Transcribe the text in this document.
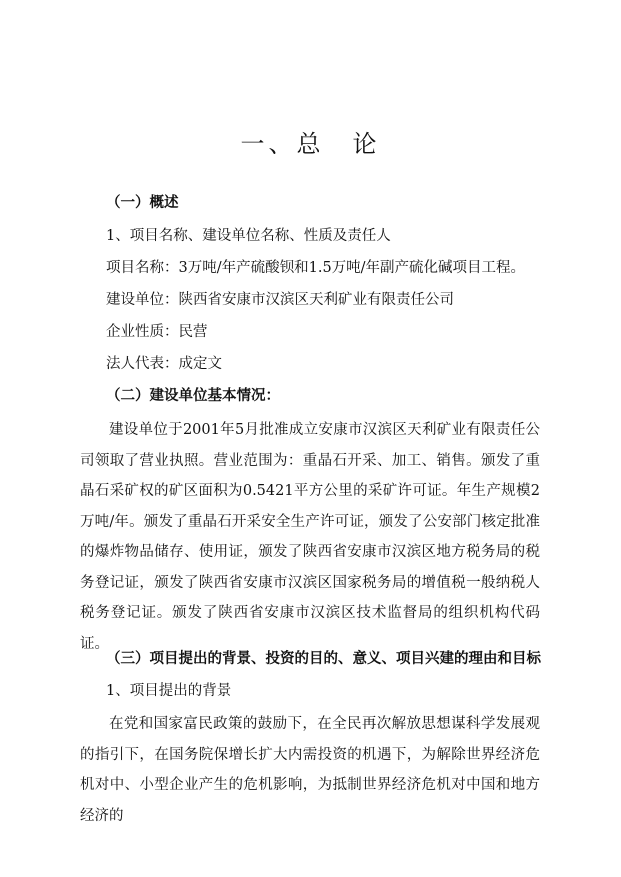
一、总　论
（一）概述
1、项目名称、建设单位名称、性质及责任人
项目名称：3万吨/年产硫酸钡和1.5万吨/年副产硫化碱项目工程。
建设单位：陕西省安康市汉滨区天利矿业有限责任公司
企业性质：民营
法人代表：成定文
（二）建设单位基本情况：
建设单位于2001年5月批准成立安康市汉滨区天利矿业有限责任公司领取了营业执照。营业范围为：重晶石开采、加工、销售。颁发了重晶石采矿权的矿区面积为0.5421平方公里的采矿许可证。年生产规模2万吨/年。颁发了重晶石开采安全生产许可证，颁发了公安部门核定批准的爆炸物品储存、使用证，颁发了陕西省安康市汉滨区地方税务局的税务登记证，颁发了陕西省安康市汉滨区国家税务局的增值税一般纳税人税务登记证。颁发了陕西省安康市汉滨区技术监督局的组织机构代码证。
（三）项目提出的背景、投资的目的、意义、项目兴建的理由和目标
1、项目提出的背景
在党和国家富民政策的鼓励下，在全民再次解放思想谋科学发展观的指引下，在国务院保增长扩大内需投资的机遇下，为解除世界经济危机对中、小型企业产生的危机影响，为抵制世界经济危机对中国和地方经济的
